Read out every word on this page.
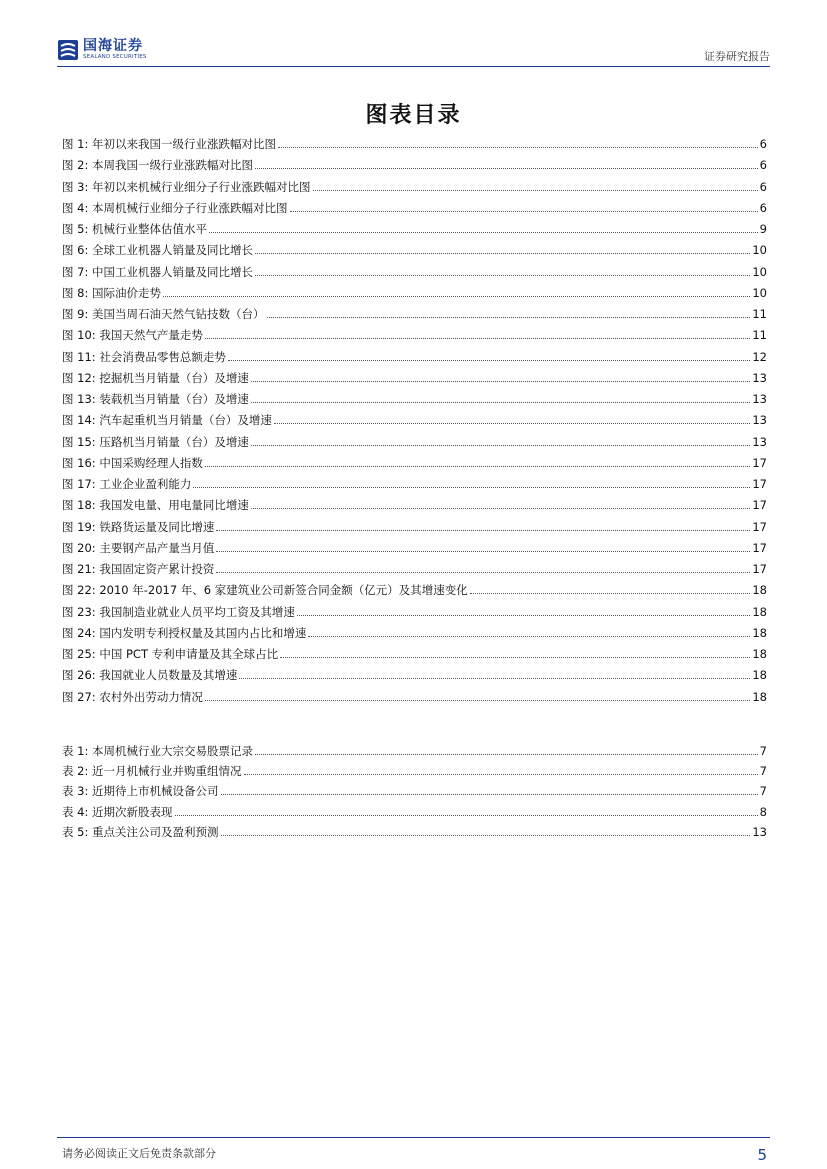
国海证券
SEALAND SECURITIES	证券研究报告
图表目录
图 1: 年初以来我国一级行业涨跌幅对比图	6
图 2: 本周我国一级行业涨跌幅对比图	6
图 3: 年初以来机械行业细分子行业涨跌幅对比图	6
图 4: 本周机械行业细分子行业涨跌幅对比图	6
图 5: 机械行业整体估值水平	9
图 6: 全球工业机器人销量及同比增长	10
图 7: 中国工业机器人销量及同比增长	10
图 8: 国际油价走势	10
图 9: 美国当周石油天然气钻技数（台）	11
图 10: 我国天然气产量走势	11
图 11: 社会消费品零售总额走势	12
图 12: 挖掘机当月销量（台）及增速	13
图 13: 装载机当月销量（台）及增速	13
图 14: 汽车起重机当月销量（台）及增速	13
图 15: 压路机当月销量（台）及增速	13
图 16: 中国采购经理人指数	17
图 17: 工业企业盈利能力	17
图 18: 我国发电量、用电量同比增速	17
图 19: 铁路货运量及同比增速	17
图 20: 主要钢产品产量当月值	17
图 21: 我国固定资产累计投资	17
图 22: 2010 年-2017 年、6 家建筑业公司新签合同金额（亿元）及其增速变化	18
图 23: 我国制造业就业人员平均工资及其增速	18
图 24: 国内发明专利授权量及其国内占比和增速	18
图 25: 中国 PCT 专利申请量及其全球占比	18
图 26: 我国就业人员数量及其增速	18
图 27: 农村外出劳动力情况	18
表 1: 本周机械行业大宗交易股票记录	7
表 2: 近一月机械行业并购重组情况	7
表 3: 近期待上市机械设备公司	7
表 4: 近期次新股表现	8
表 5: 重点关注公司及盈利预测	13
请务必阅读正文后免责条款部分	5
